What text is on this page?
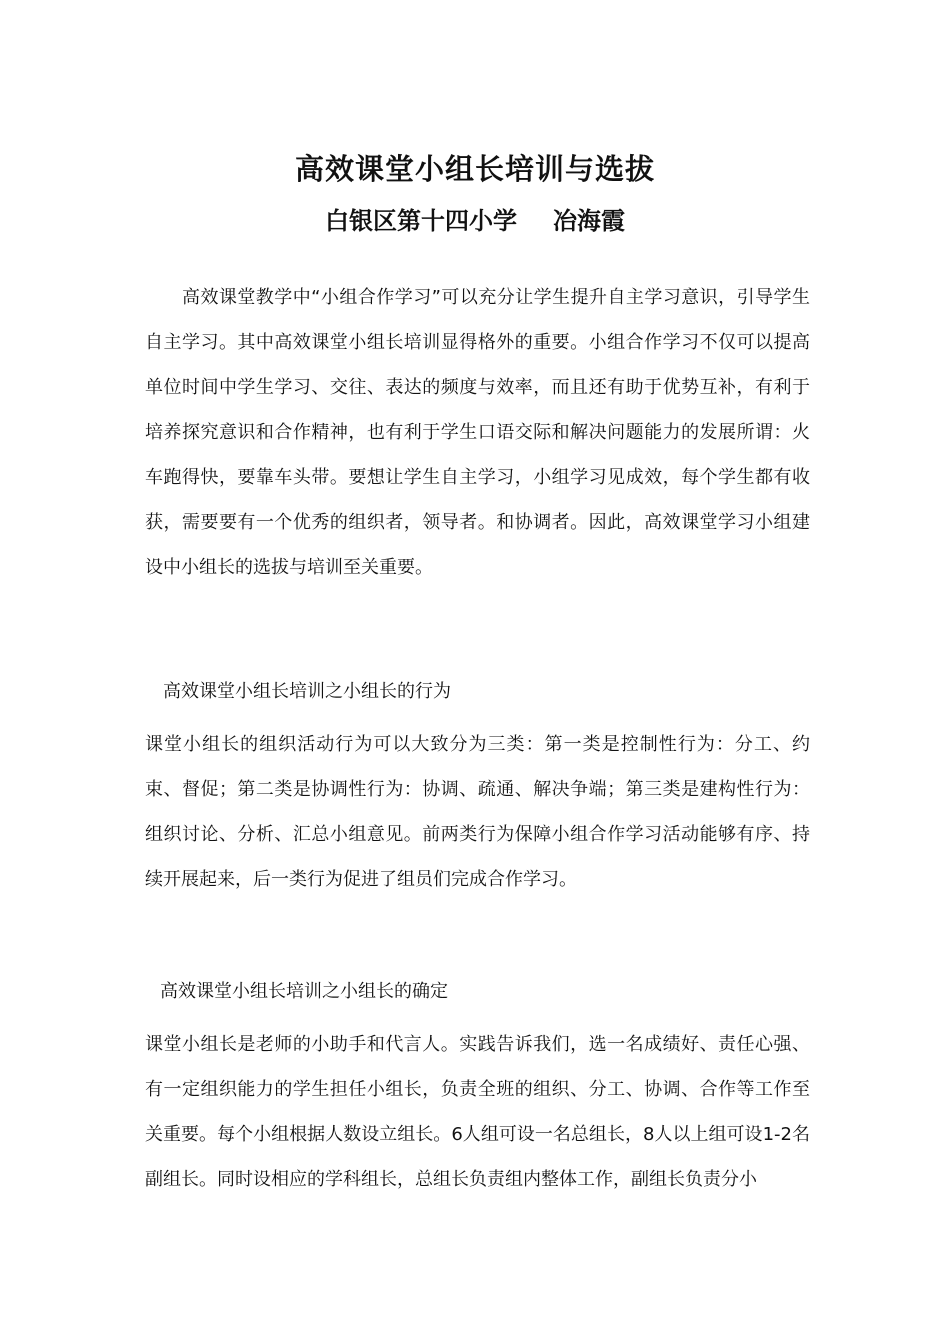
高效课堂小组长培训与选拔
白银区第十四小学 冶海霞

高效课堂教学中“小组合作学习”可以充分让学生提升自主学习意识，引导学生自主学习。其中高效课堂小组长培训显得格外的重要。小组合作学习不仅可以提高单位时间中学生学习、交往、表达的频度与效率，而且还有助于优势互补，有利于培养探究意识和合作精神，也有利于学生口语交际和解决问题能力的发展所谓：火车跑得快，要靠车头带。要想让学生自主学习，小组学习见成效，每个学生都有收获，需要要有一个优秀的组织者，领导者。和协调者。因此，高效课堂学习小组建设中小组长的选拔与培训至关重要。

高效课堂小组长培训之小组长的行为

课堂小组长的组织活动行为可以大致分为三类：第一类是控制性行为：分工、约束、督促；第二类是协调性行为：协调、疏通、解决争端；第三类是建构性行为：组织讨论、分析、汇总小组意见。前两类行为保障小组合作学习活动能够有序、持续开展起来，后一类行为促进了组员们完成合作学习。

高效课堂小组长培训之小组长的确定

课堂小组长是老师的小助手和代言人。实践告诉我们，选一名成绩好、责任心强、有一定组织能力的学生担任小组长，负责全班的组织、分工、协调、合作等工作至关重要。每个小组根据人数设立组长。6人组可设一名总组长，8人以上组可设1-2名副组长。同时设相应的学科组长，总组长负责组内整体工作，副组长负责分小
